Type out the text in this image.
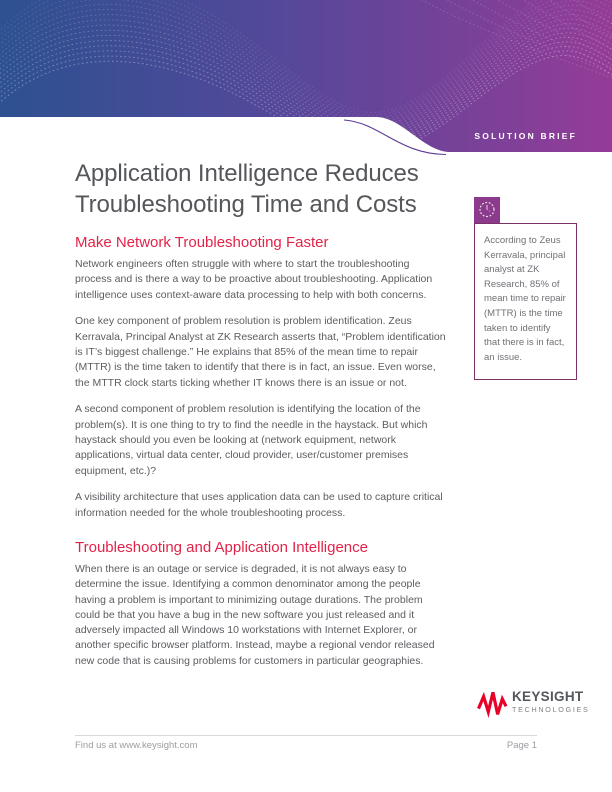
SOLUTION BRIEF
Application Intelligence Reduces
Troubleshooting Time and Costs
Make Network Troubleshooting Faster

Network engineers often struggle with where to start the troubleshooting process and is there a way to be proactive about troubleshooting. Application intelligence uses context-aware data processing to help with both concerns.

One key component of problem resolution is problem identification. Zeus Kerravala, Principal Analyst at ZK Research asserts that, “Problem identification is IT’s biggest challenge.” He explains that 85% of the mean time to repair (MTTR) is the time taken to identify that there is in fact, an issue. Even worse, the MTTR clock starts ticking whether IT knows there is an issue or not.

A second component of problem resolution is identifying the location of the problem(s). It is one thing to try to find the needle in the haystack. But which haystack should you even be looking at (network equipment, network applications, virtual data center, cloud provider, user/customer premises equipment, etc.)?

A visibility architecture that uses application data can be used to capture critical information needed for the whole troubleshooting process.

Troubleshooting and Application Intelligence

When there is an outage or service is degraded, it is not always easy to determine the issue. Identifying a common denominator among the people having a problem is important to minimizing outage durations. The problem could be that you have a bug in the new software you just released and it adversely impacted all Windows 10 workstations with Internet Explorer, or another specific browser platform. Instead, maybe a regional vendor released new code that is causing problems for customers in particular geographies.

According to Zeus Kerravala, principal analyst at ZK Research, 85% of mean time to repair (MTTR) is the time taken to identify that there is in fact, an issue.
KEYSIGHT
TECHNOLOGIES
Find us at www.keysight.com	Page 1
